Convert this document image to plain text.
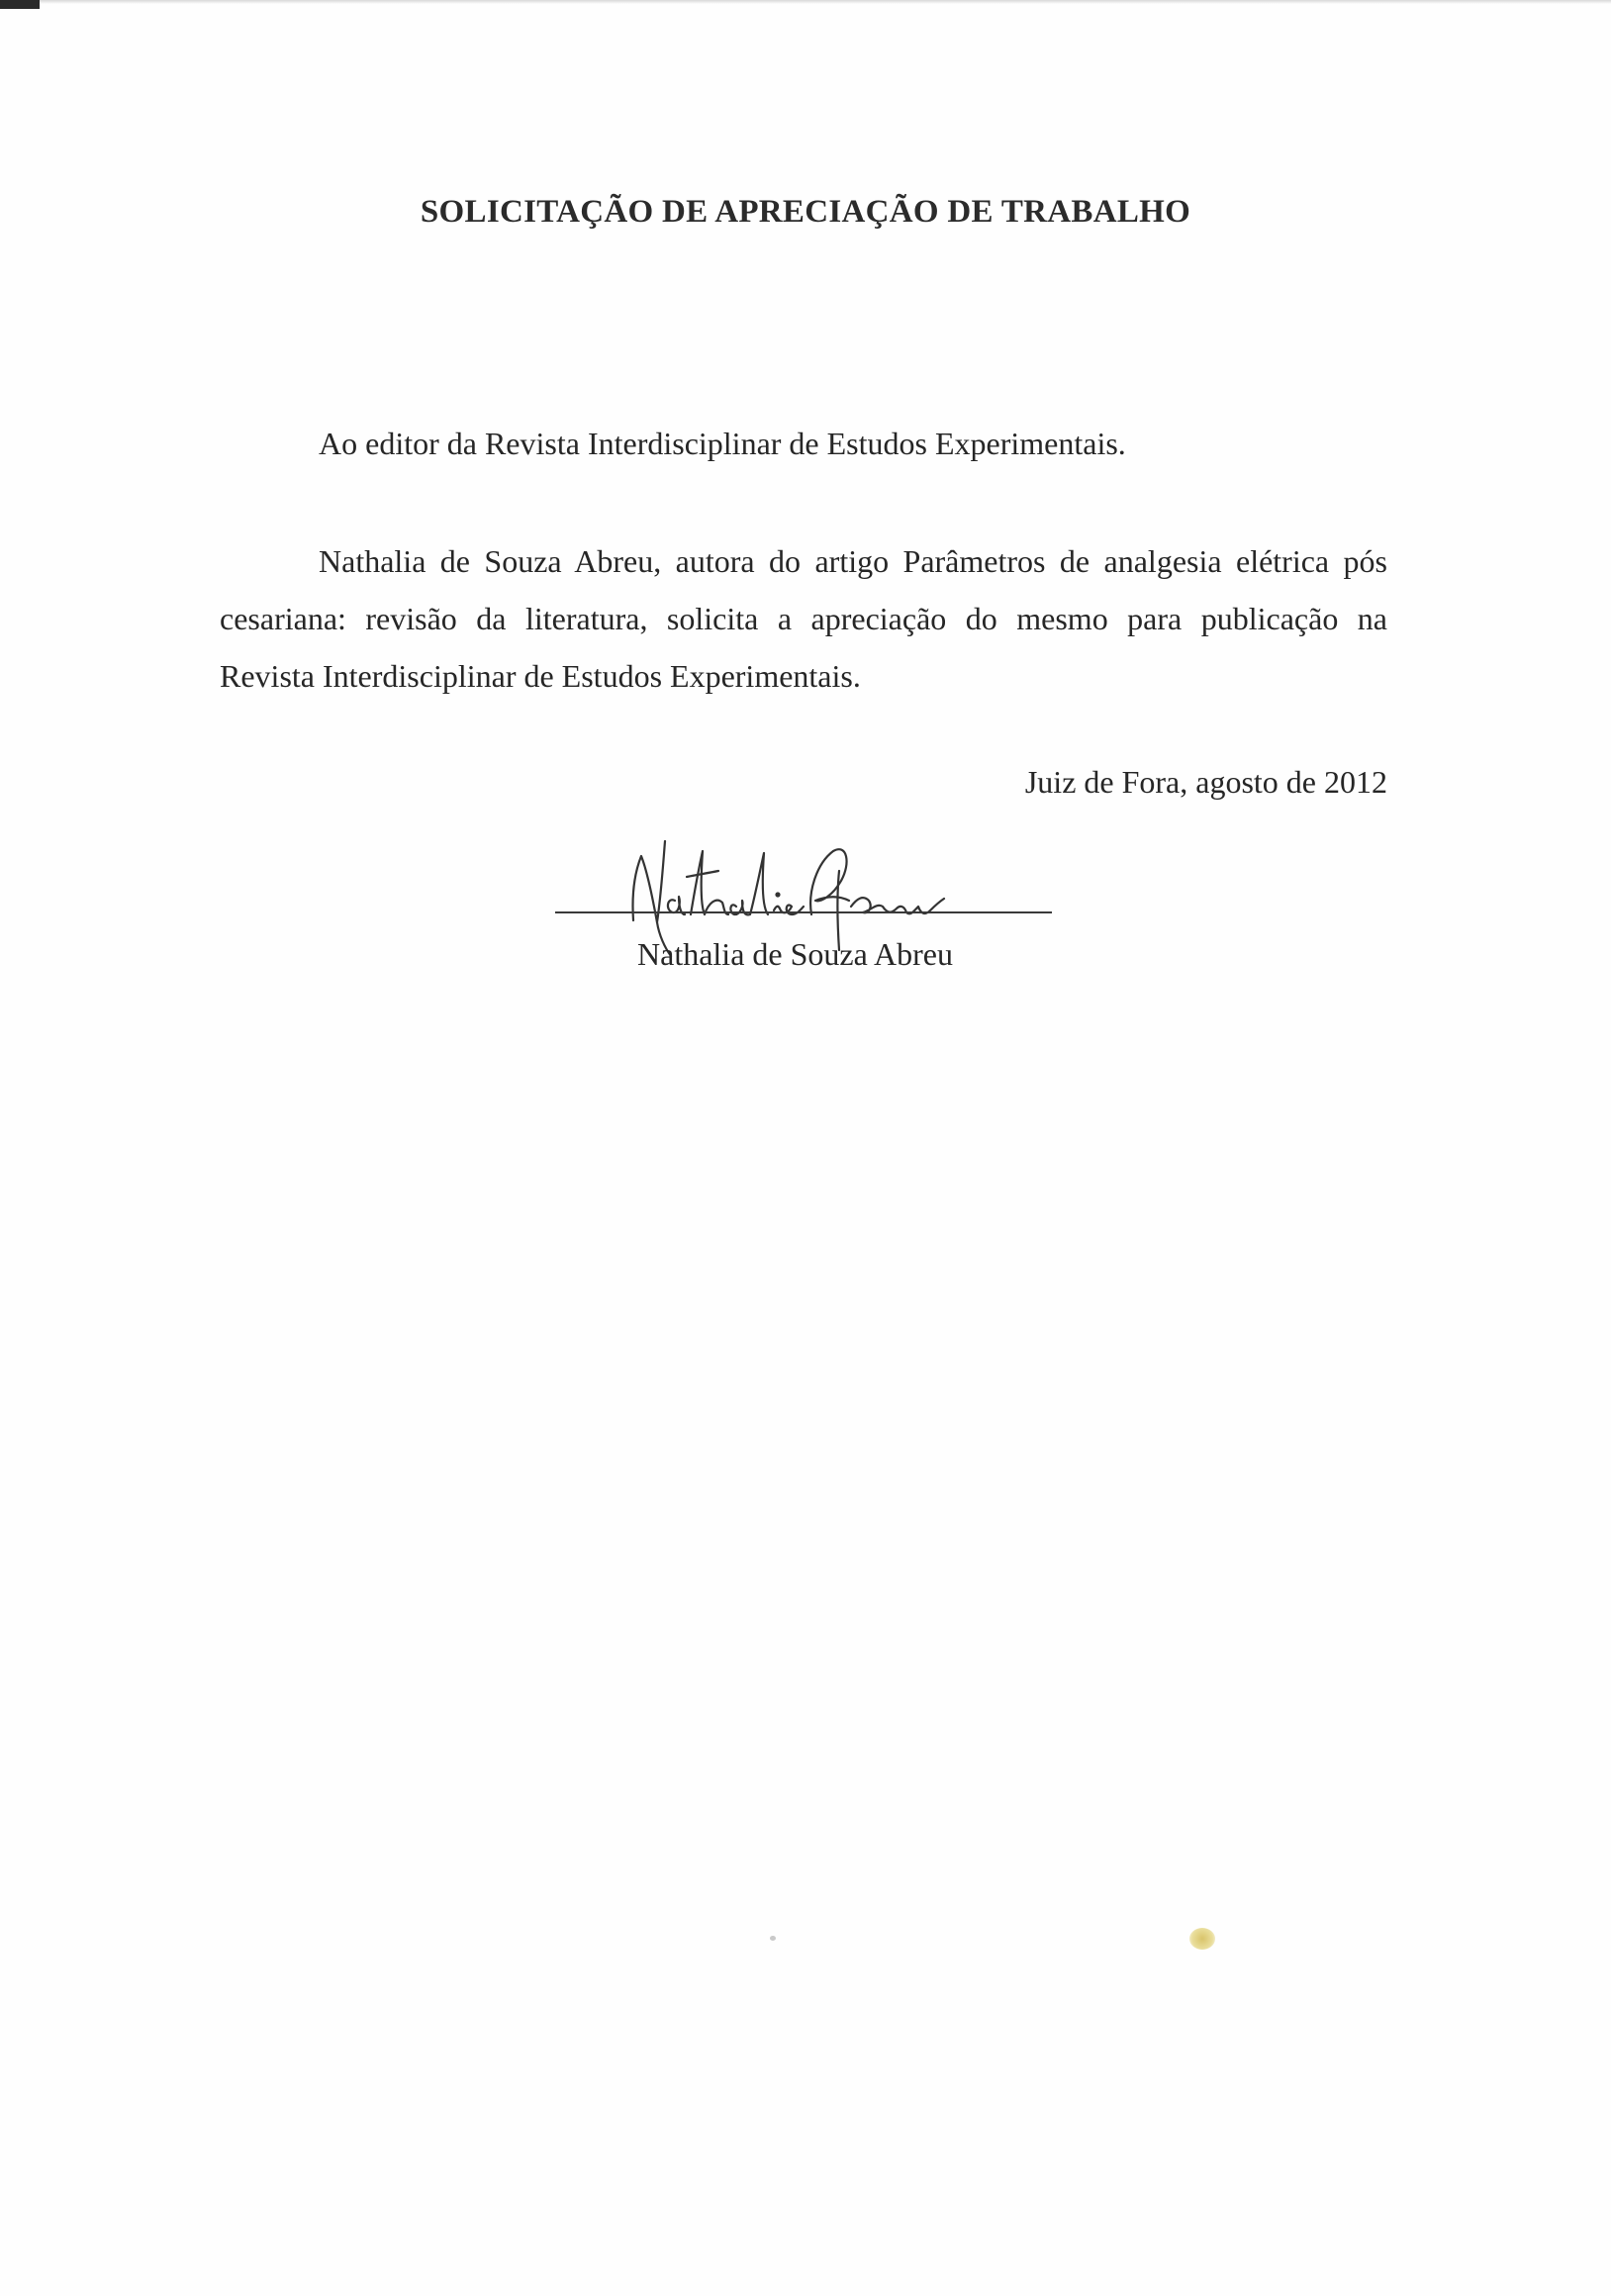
SOLICITAÇÃO DE APRECIAÇÃO DE TRABALHO
Ao editor da Revista Interdisciplinar de Estudos Experimentais.
Nathalia de Souza Abreu, autora do artigo Parâmetros de analgesia elétrica pós
cesariana: revisão da literatura, solicita a apreciação do mesmo para publicação na
Revista Interdisciplinar de Estudos Experimentais.
Juiz de Fora, agosto de 2012
Nathalia de Souza Abreu
